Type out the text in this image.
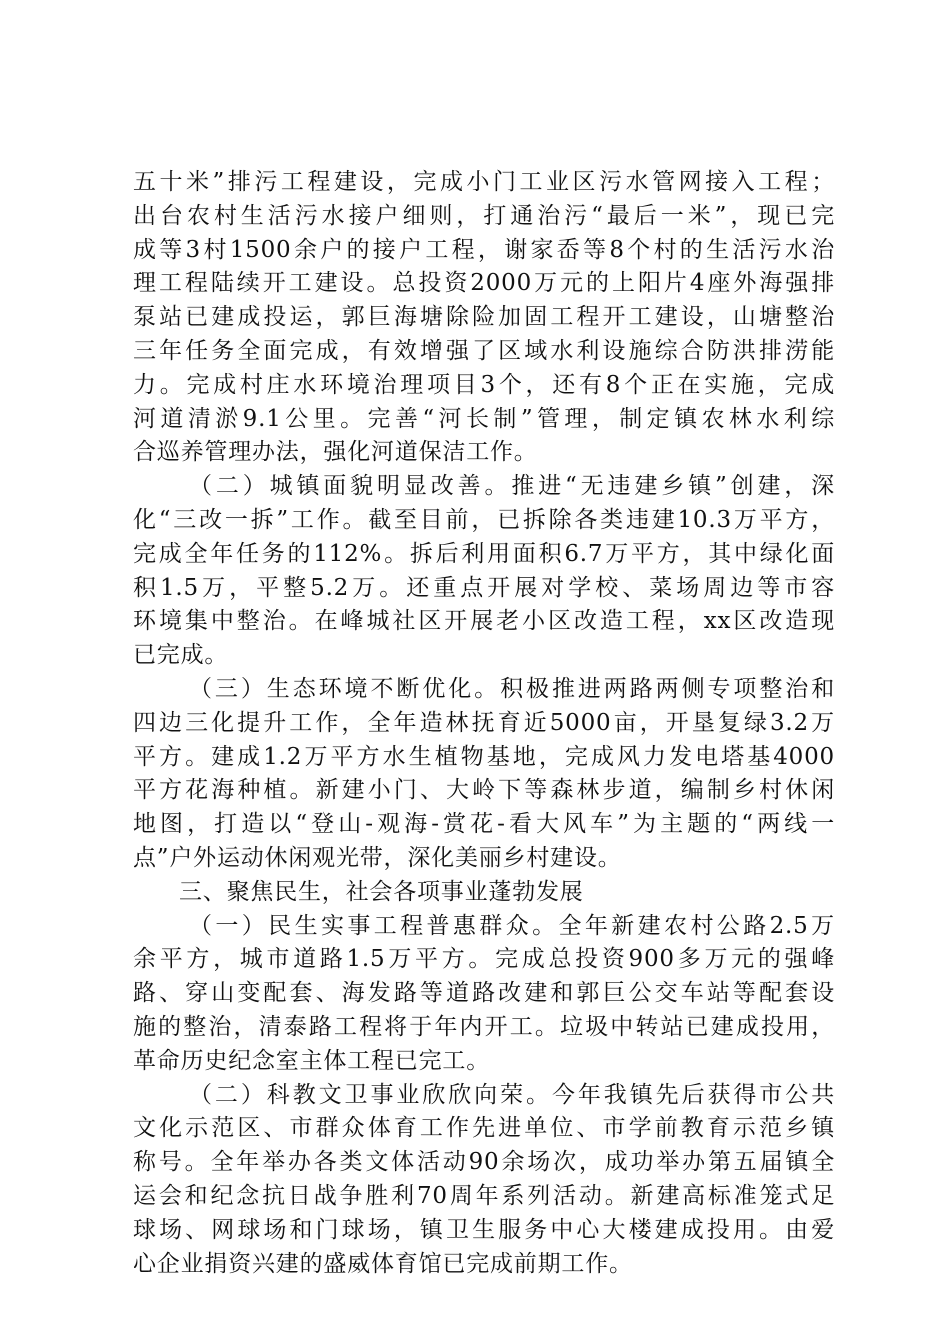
五十米”排污工程建设，完成小门工业区污水管网接入工程；
出台农村生活污水接户细则，打通治污“最后一米”，现已完
成等3村1500余户的接户工程，谢家岙等8个村的生活污水治
理工程陆续开工建设。总投资2000万元的上阳片4座外海强排
泵站已建成投运，郭巨海塘除险加固工程开工建设，山塘整治
三年任务全面完成，有效增强了区域水利设施综合防洪排涝能
力。完成村庄水环境治理项目3个，还有8个正在实施，完成
河道清淤9.1公里。完善“河长制”管理，制定镇农林水利综
合巡养管理办法，强化河道保洁工作。
（二）城镇面貌明显改善。推进“无违建乡镇”创建，深
化“三改一拆”工作。截至目前，已拆除各类违建10.3万平方，
完成全年任务的112%。拆后利用面积6.7万平方，其中绿化面
积1.5万，平整5.2万。还重点开展对学校、菜场周边等市容
环境集中整治。在峰城社区开展老小区改造工程，xx区改造现
已完成。
（三）生态环境不断优化。积极推进两路两侧专项整治和
四边三化提升工作，全年造林抚育近5000亩，开垦复绿3.2万
平方。建成1.2万平方水生植物基地，完成风力发电塔基4000
平方花海种植。新建小门、大岭下等森林步道，编制乡村休闲
地图，打造以“登山-观海-赏花-看大风车”为主题的“两线一
点”户外运动休闲观光带，深化美丽乡村建设。
三、聚焦民生，社会各项事业蓬勃发展
（一）民生实事工程普惠群众。全年新建农村公路2.5万
余平方，城市道路1.5万平方。完成总投资900多万元的强峰
路、穿山变配套、海发路等道路改建和郭巨公交车站等配套设
施的整治，清泰路工程将于年内开工。垃圾中转站已建成投用，
革命历史纪念室主体工程已完工。
（二）科教文卫事业欣欣向荣。今年我镇先后获得市公共
文化示范区、市群众体育工作先进单位、市学前教育示范乡镇
称号。全年举办各类文体活动90余场次，成功举办第五届镇全
运会和纪念抗日战争胜利70周年系列活动。新建高标准笼式足
球场、网球场和门球场，镇卫生服务中心大楼建成投用。由爱
心企业捐资兴建的盛威体育馆已完成前期工作。
